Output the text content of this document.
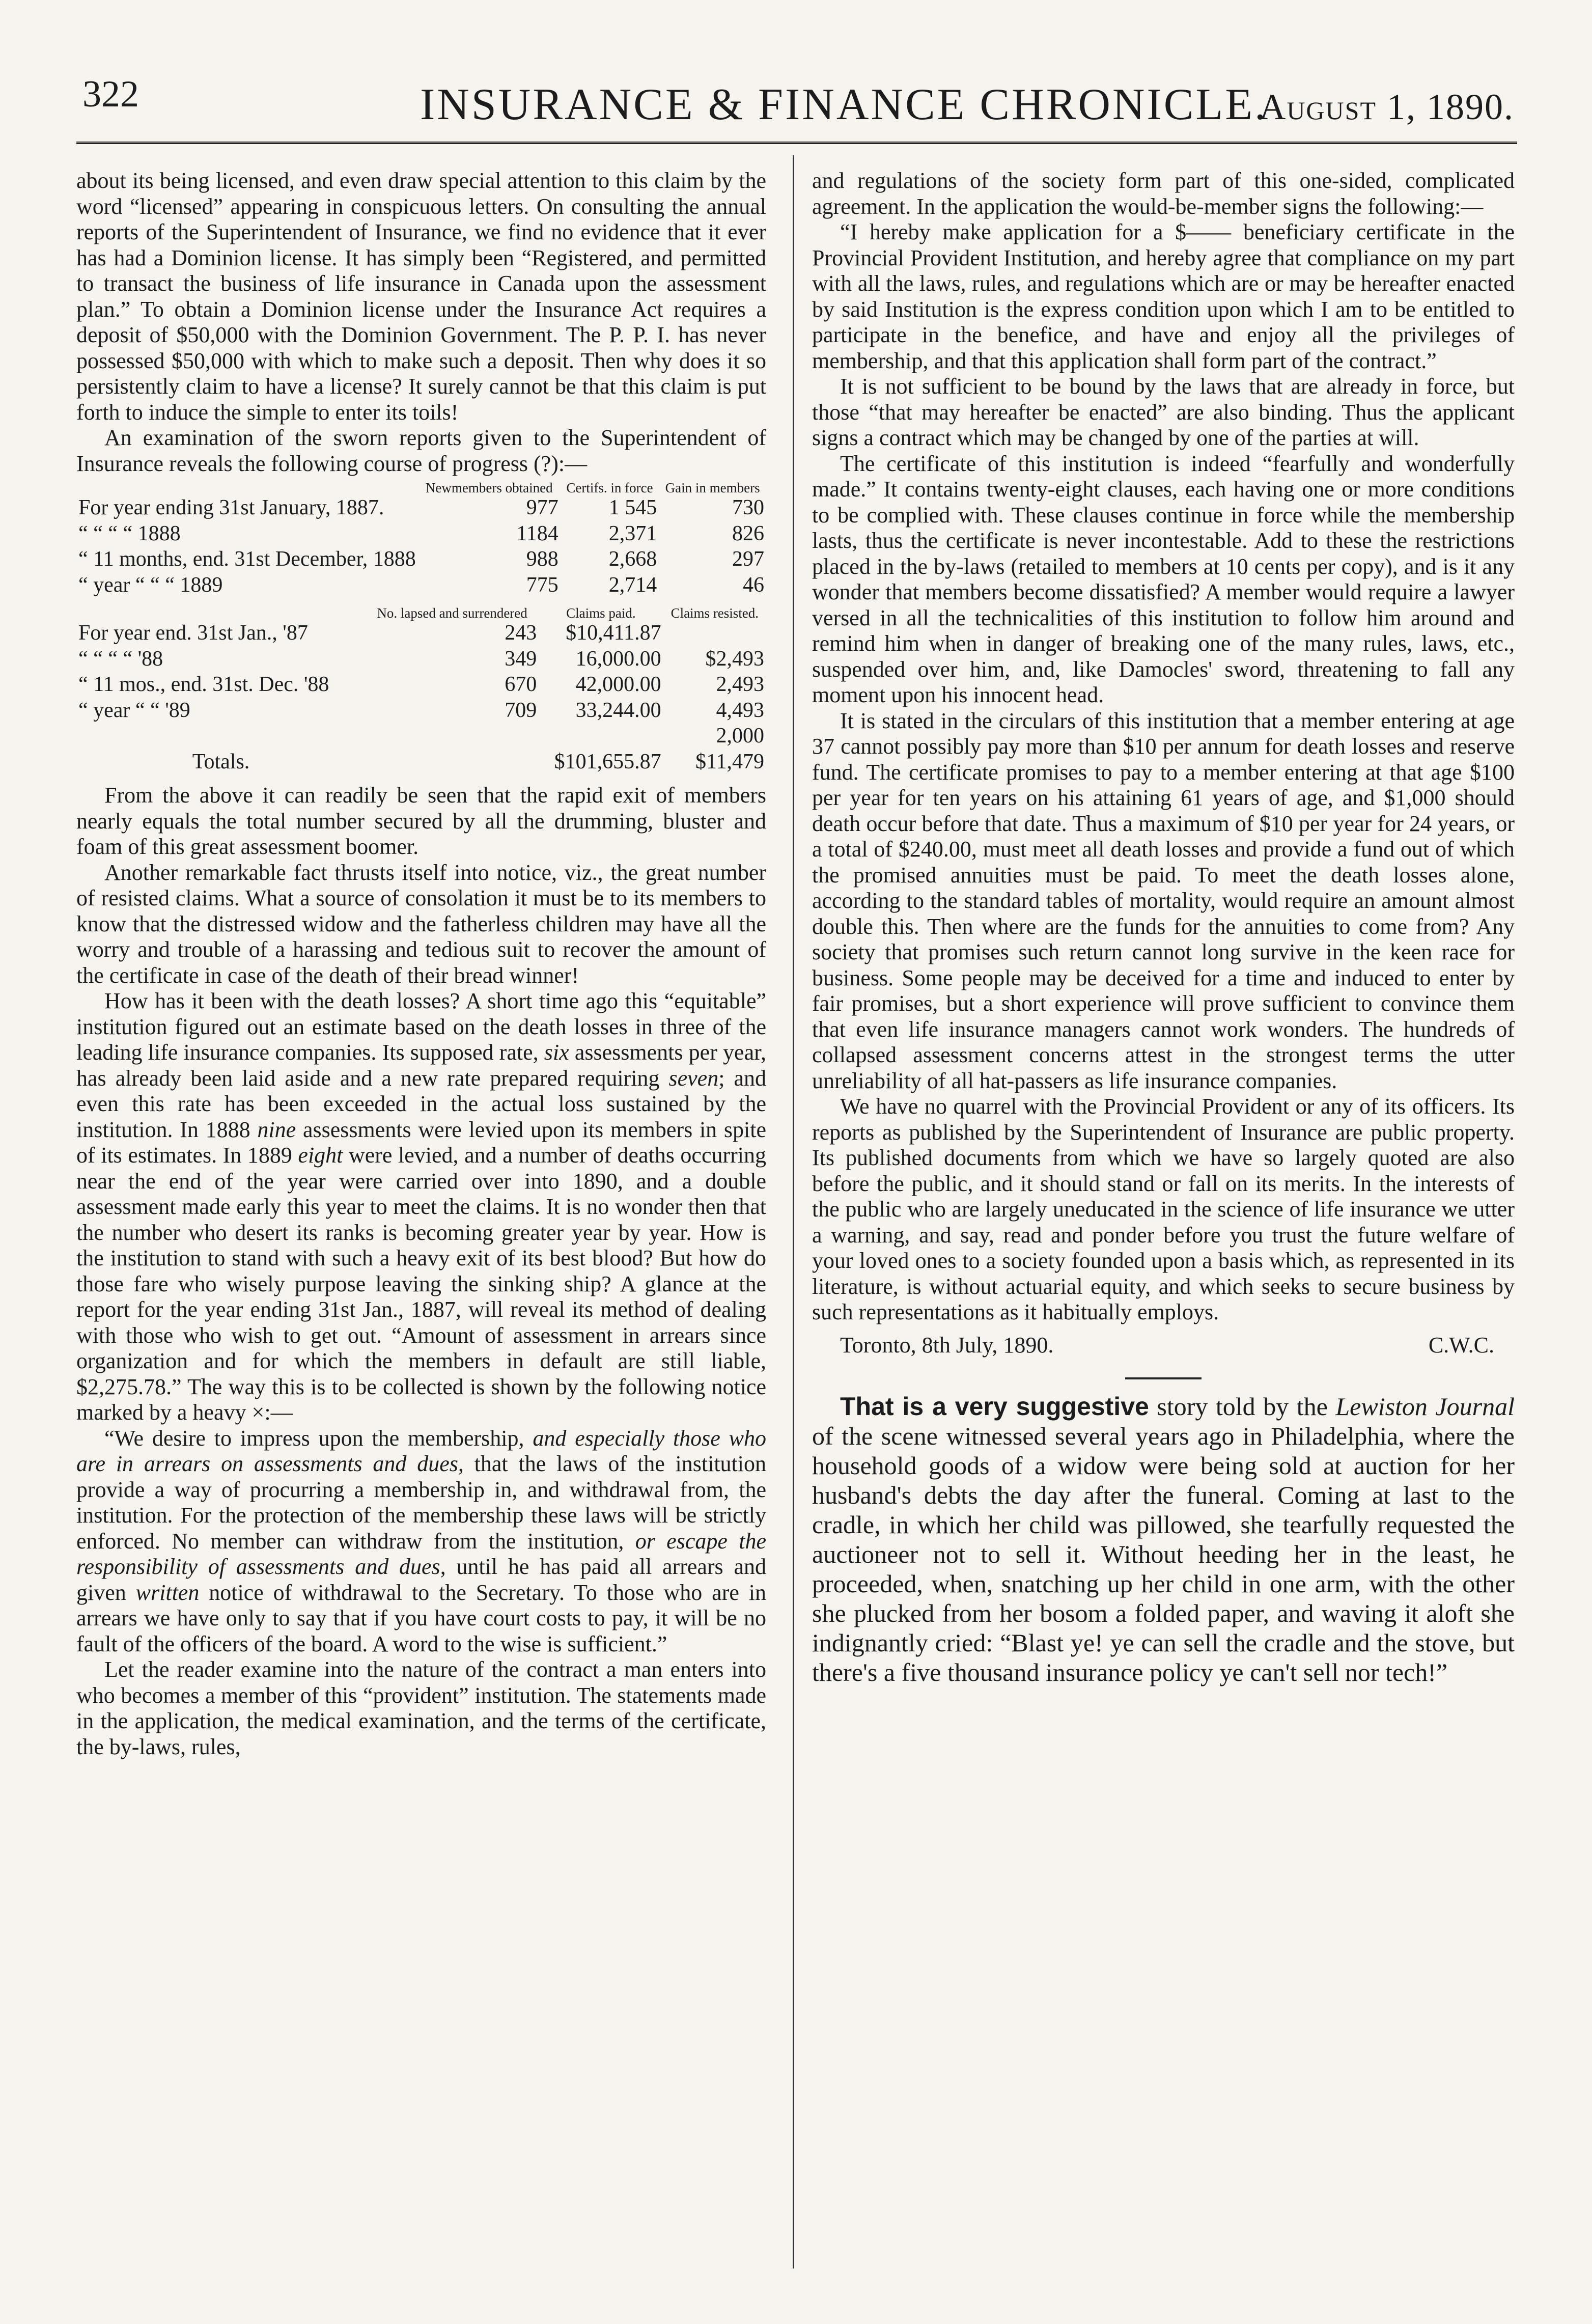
322	INSURANCE & FINANCE CHRONICLE.
August 1, 1890.

about its being licensed, and even draw special attention to this claim by the word “licensed” appearing in conspicuous letters. On consulting the annual reports of the Superintendent of Insurance, we find no evidence that it ever has had a Dominion license. It has simply been “Registered, and permitted to transact the business of life insurance in Canada upon the assessment plan.” To obtain a Dominion license under the Insurance Act requires a deposit of $50,000 with the Dominion Government. The P. P. I. has never possessed $50,000 with which to make such a deposit. Then why does it so persistently claim to have a license? It surely cannot be that this claim is put forth to induce the simple to enter its toils!

An examination of the sworn reports given to the Superintendent of Insurance reveals the following course of progress (?):—

	Newmembers obtained	Certifs. in force	Gain in members
For year ending 31st January, 1887.	977	1 545	730
“ “ “ “ 1888	1184	2,371	826
“ 11 months, end. 31st December, 1888	988	2,668	297
“ year “ “ “ 1889	775	2,714	46
	No. lapsed and surrendered	Claims paid.	Claims resisted.
For year end. 31st Jan., '87	243	$10,411.87	
“ “ “ “ '88	349	16,000.00	$2,493
“ 11 mos., end. 31st. Dec. '88	670	42,000.00	2,493
“ year “ “ '89	709	33,244.00	4,493
			2,000
Totals.		$101,655.87	$11,479

From the above it can readily be seen that the rapid exit of members nearly equals the total number secured by all the drumming, bluster and foam of this great assessment boomer.

Another remarkable fact thrusts itself into notice, viz., the great number of resisted claims. What a source of consolation it must be to its members to know that the distressed widow and the fatherless children may have all the worry and trouble of a harassing and tedious suit to recover the amount of the certificate in case of the death of their bread winner!

How has it been with the death losses? A short time ago this “equitable” institution figured out an estimate based on the death losses in three of the leading life insurance companies. Its supposed rate, six assessments per year, has already been laid aside and a new rate prepared requiring seven; and even this rate has been exceeded in the actual loss sustained by the institution. In 1888 nine assessments were levied upon its members in spite of its estimates. In 1889 eight were levied, and a number of deaths occurring near the end of the year were carried over into 1890, and a double assessment made early this year to meet the claims. It is no wonder then that the number who desert its ranks is becoming greater year by year. How is the institution to stand with such a heavy exit of its best blood? But how do those fare who wisely purpose leaving the sinking ship? A glance at the report for the year ending 31st Jan., 1887, will reveal its method of dealing with those who wish to get out. “Amount of assessment in arrears since organization and for which the members in default are still liable, $2,275.78.” The way this is to be collected is shown by the following notice marked by a heavy ×:—

“We desire to impress upon the membership, and especially those who are in arrears on assessments and dues, that the laws of the institution provide a way of procurring a membership in, and withdrawal from, the institution. For the protection of the membership these laws will be strictly enforced. No member can withdraw from the institution, or escape the responsibility of assessments and dues, until he has paid all arrears and given written notice of withdrawal to the Secretary. To those who are in arrears we have only to say that if you have court costs to pay, it will be no fault of the officers of the board. A word to the wise is sufficient.”

Let the reader examine into the nature of the contract a man enters into who becomes a member of this “provident” institution. The statements made in the application, the medical examination, and the terms of the certificate, the by-laws, rules,

and regulations of the society form part of this one-sided, complicated agreement. In the application the would-be-member signs the following:—

“I hereby make application for a $—— beneficiary certificate in the Provincial Provident Institution, and hereby agree that compliance on my part with all the laws, rules, and regulations which are or may be hereafter enacted by said Institution is the express condition upon which I am to be entitled to participate in the benefice, and have and enjoy all the privileges of membership, and that this application shall form part of the contract.”

It is not sufficient to be bound by the laws that are already in force, but those “that may hereafter be enacted” are also binding. Thus the applicant signs a contract which may be changed by one of the parties at will.

The certificate of this institution is indeed “fearfully and wonderfully made.” It contains twenty-eight clauses, each having one or more conditions to be complied with. These clauses continue in force while the membership lasts, thus the certificate is never incontestable. Add to these the restrictions placed in the by-laws (retailed to members at 10 cents per copy), and is it any wonder that members become dissatisfied? A member would require a lawyer versed in all the technicalities of this institution to follow him around and remind him when in danger of breaking one of the many rules, laws, etc., suspended over him, and, like Damocles' sword, threatening to fall any moment upon his innocent head.

It is stated in the circulars of this institution that a member entering at age 37 cannot possibly pay more than $10 per annum for death losses and reserve fund. The certificate promises to pay to a member entering at that age $100 per year for ten years on his attaining 61 years of age, and $1,000 should death occur before that date. Thus a maximum of $10 per year for 24 years, or a total of $240.00, must meet all death losses and provide a fund out of which the promised annuities must be paid. To meet the death losses alone, according to the standard tables of mortality, would require an amount almost double this. Then where are the funds for the annuities to come from? Any society that promises such return cannot long survive in the keen race for business. Some people may be deceived for a time and induced to enter by fair promises, but a short experience will prove sufficient to convince them that even life insurance managers cannot work wonders. The hundreds of collapsed assessment concerns attest in the strongest terms the utter unreliability of all hat-passers as life insurance companies.

We have no quarrel with the Provincial Provident or any of its officers. Its reports as published by the Superintendent of Insurance are public property. Its published documents from which we have so largely quoted are also before the public, and it should stand or fall on its merits. In the interests of the public who are largely uneducated in the science of life insurance we utter a warning, and say, read and ponder before you trust the future welfare of your loved ones to a society founded upon a basis which, as represented in its literature, is without actuarial equity, and which seeks to secure business by such representations as it habitually employs.

Toronto, 8th July, 1890.	C.W.C.

That is a very suggestive story told by the Lewiston Journal of the scene witnessed several years ago in Philadelphia, where the household goods of a widow were being sold at auction for her husband's debts the day after the funeral. Coming at last to the cradle, in which her child was pillowed, she tearfully requested the auctioneer not to sell it. Without heeding her in the least, he proceeded, when, snatching up her child in one arm, with the other she plucked from her bosom a folded paper, and waving it aloft she indignantly cried: “Blast ye! ye can sell the cradle and the stove, but there's a five thousand insurance policy ye can't sell nor tech!”
